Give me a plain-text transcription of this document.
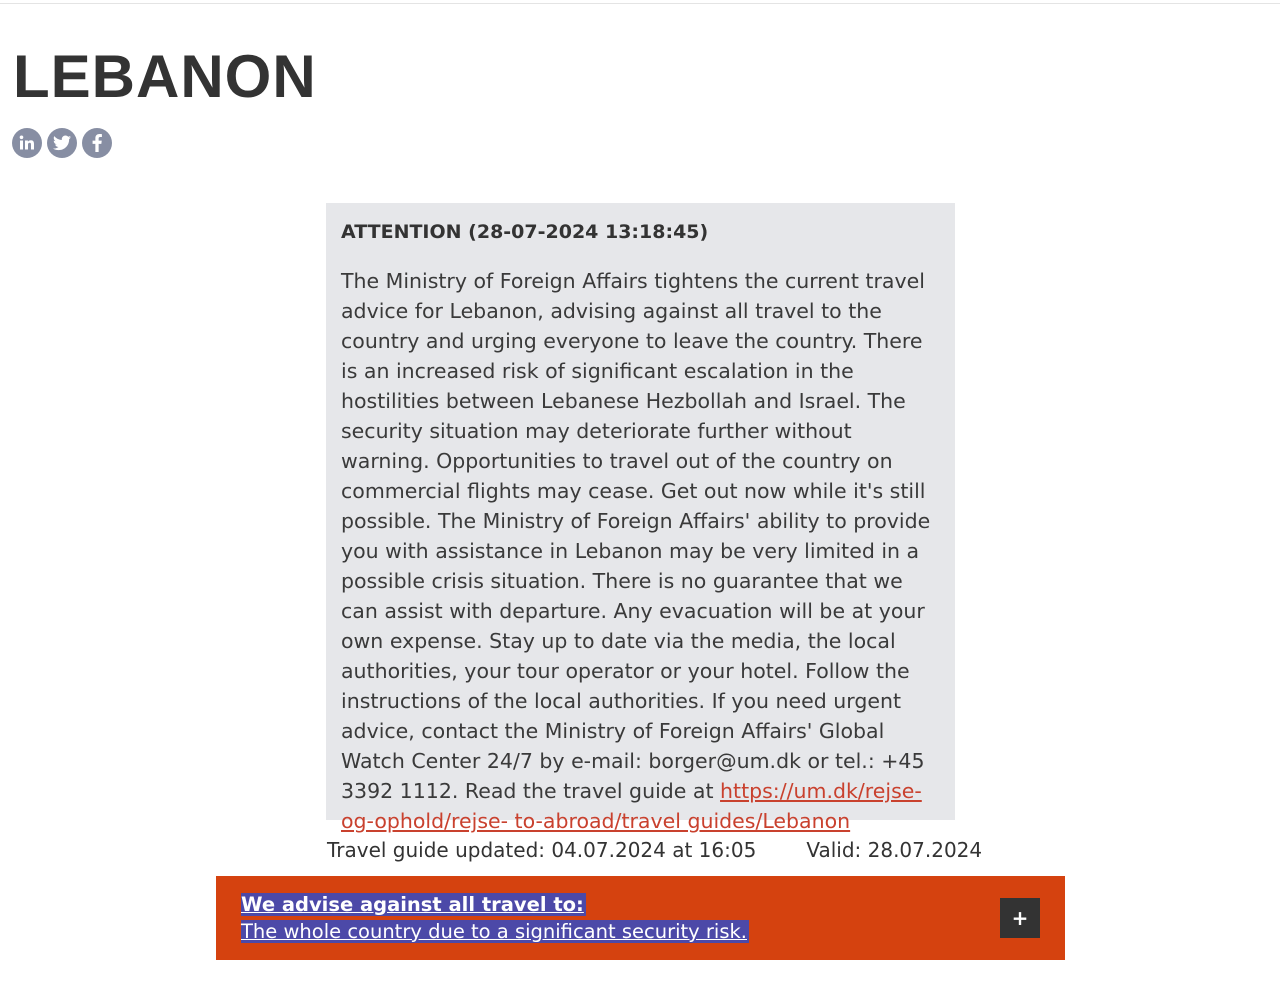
LEBANON
ATTENTION (28-07-2024 13:18:45)

The Ministry of Foreign Affairs tightens the current travel advice for Lebanon, advising against all travel to the country and urging everyone to leave the country. There is an increased risk of significant escalation in the hostilities between Lebanese Hezbollah and Israel. The security situation may deteriorate further without warning. Opportunities to travel out of the country on commercial flights may cease. Get out now while it's still possible. The Ministry of Foreign Affairs' ability to provide you with assistance in Lebanon may be very limited in a possible crisis situation. There is no guarantee that we can assist with departure. Any evacuation will be at your own expense. Stay up to date via the media, the local authorities, your tour operator or your hotel. Follow the instructions of the local authorities. If you need urgent advice, contact the Ministry of Foreign Affairs' Global Watch Center 24/7 by e-mail: borger@um.dk or tel.: +45 3392 1112. Read the travel guide at https://um.dk/rejse-og-ophold/rejse- to-abroad/travel guides/Lebanon

Travel guide updated: 04.07.2024 at 16:05	Valid: 28.07.2024
We advise against all travel to:
The whole country due to a significant security risk.
+
